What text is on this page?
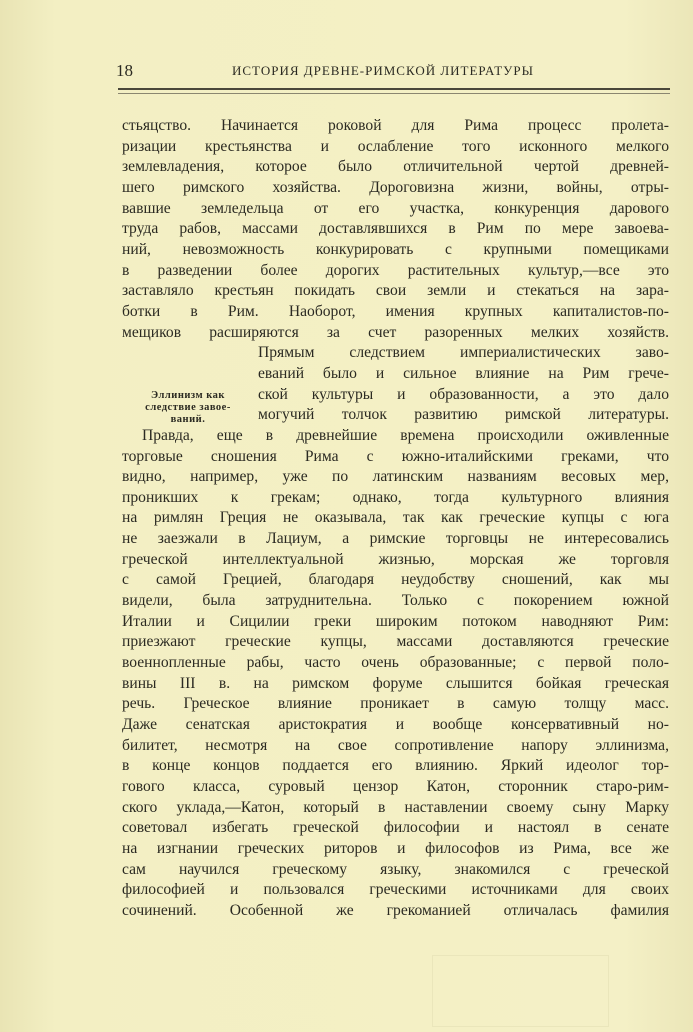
18	ИСТОРИЯ ДРЕВНЕ-РИМСКОЙ ЛИТЕРАТУРЫ
Эллинизм как
следствие завое-
ваний.
стьяцство. Начинается роковой для Рима процесс пролета-
ризации крестьянства и ослабление того исконного мелкого
землевладения, которое было отличительной чертой древней-
шего римского хозяйства. Дороговизна жизни, войны, отры-
вавшие земледельца от его участка, конкуренция дарового
труда рабов, массами доставлявшихся в Рим по мере завоева-
ний, невозможность конкурировать с крупными помещиками
в разведении более дорогих растительных культур,—все это
заставляло крестьян покидать свои земли и стекаться на зара-
ботки в Рим. Наоборот, имения крупных капиталистов-по-
мещиков расширяются за счет разоренных мелких хозяйств.
Прямым следствием империалистических заво-
еваний было и сильное влияние на Рим грече-
ской культуры и образованности, а это дало
могучий толчок развитию римской литературы.
Правда, еще в древнейшие времена происходили оживленные
торговые сношения Рима с южно-италийскими греками, что
видно, например, уже по латинским названиям весовых мер,
проникших к грекам; однако, тогда культурного влияния
на римлян Греция не оказывала, так как греческие купцы с юга
не заезжали в Лациум, а римские торговцы не интересовались
греческой интеллектуальной жизнью, морская же торговля
с самой Грецией, благодаря неудобству сношений, как мы
видели, была затруднительна. Только с покорением южной
Италии и Сицилии греки широким потоком наводняют Рим:
приезжают греческие купцы, массами доставляются греческие
военнопленные рабы, часто очень образованные; с первой поло-
вины III в. на римском форуме слышится бойкая греческая
речь. Греческое влияние проникает в самую толщу масс.
Даже сенатская аристократия и вообще консервативный но-
билитет, несмотря на свое сопротивление напору эллинизма,
в конце концов поддается его влиянию. Яркий идеолог тор-
гового класса, суровый цензор Катон, сторонник старо-рим-
ского уклада,—Катон, который в наставлении своему сыну Марку
советовал избегать греческой философии и настоял в сенате
на изгнании греческих риторов и философов из Рима, все же
сам научился греческому языку, знакомился с греческой
философией и пользовался греческими источниками для своих
сочинений. Особенной же грекоманией отличалась фамилия
